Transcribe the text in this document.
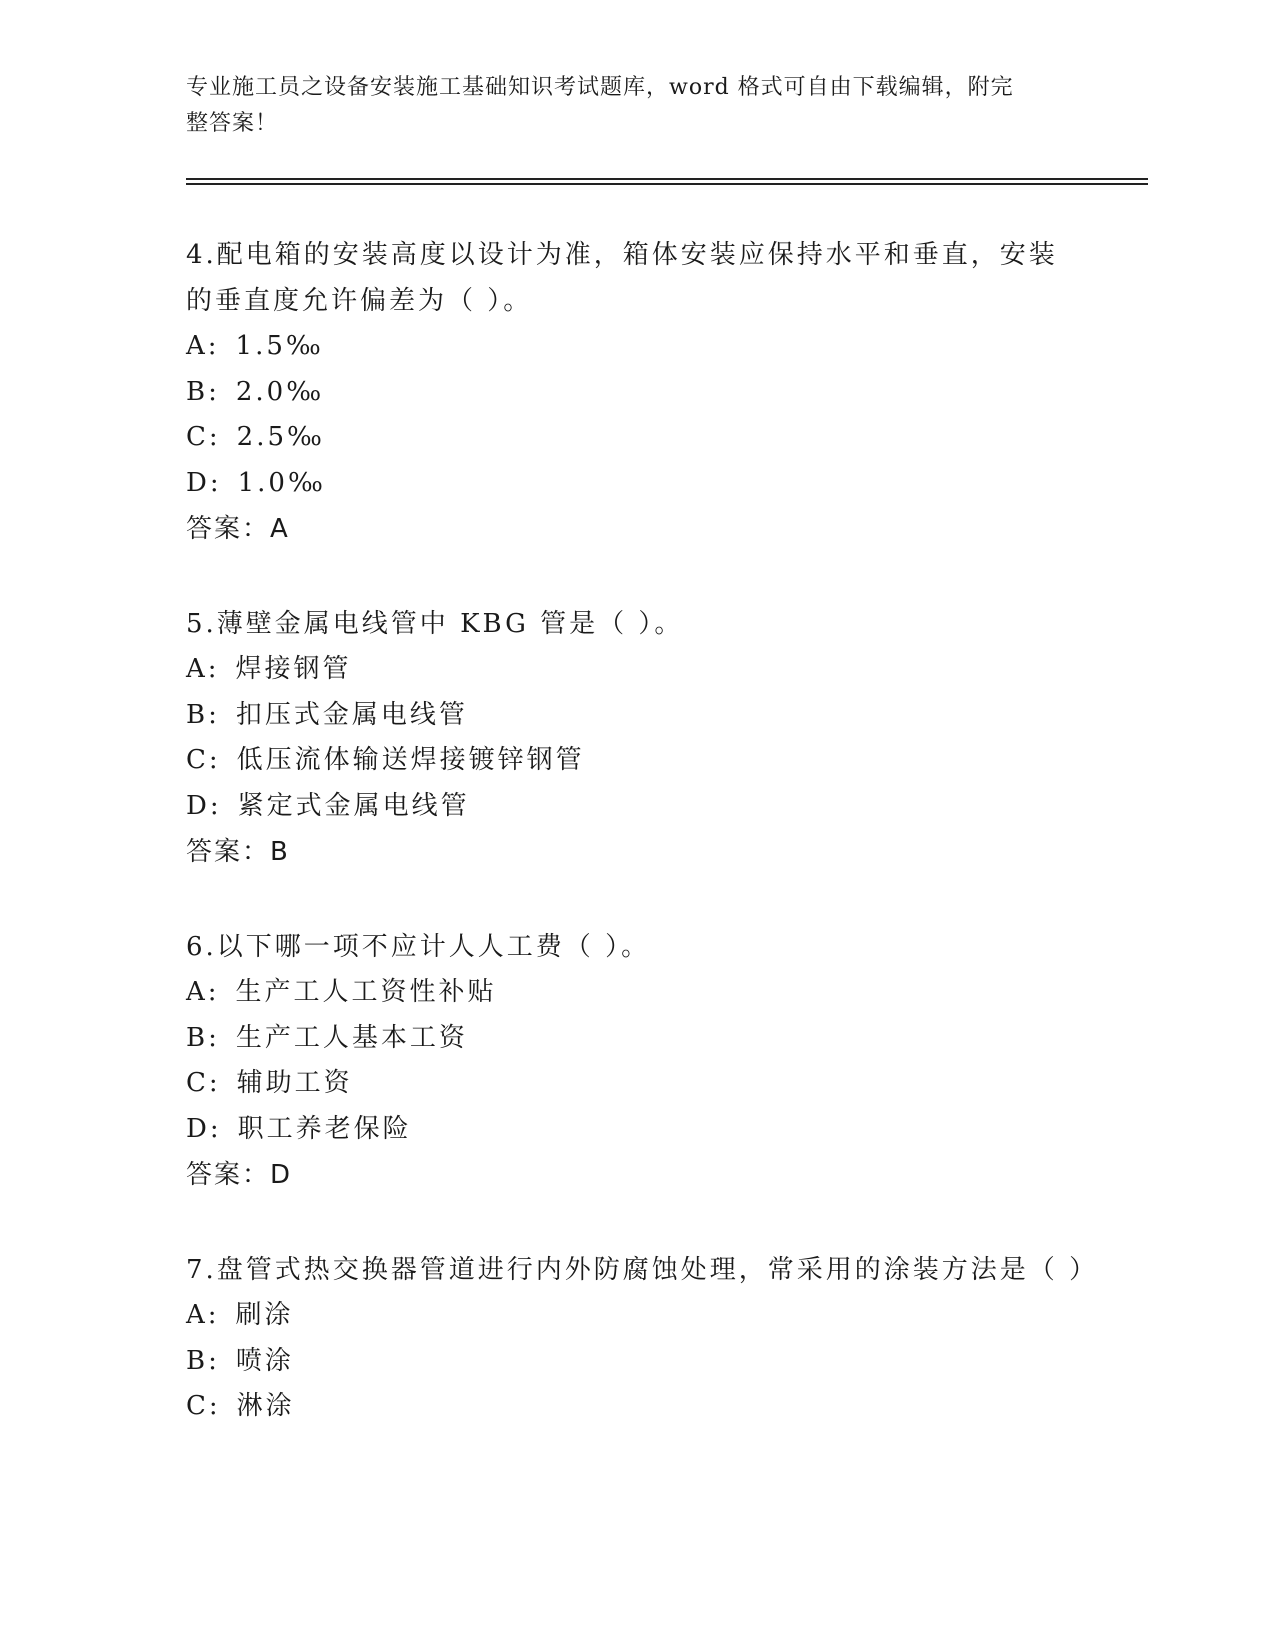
专业施工员之设备安装施工基础知识考试题库，word 格式可自由下载编辑，附完
整答案！
4.配电箱的安装高度以设计为准，箱体安装应保持水平和垂直，安装的垂直度允许偏差为（ ）。
A: 1.5‰
B: 2.0‰
C: 2.5‰
D: 1.0‰
答案：A
5.薄壁金属电线管中 KBG 管是（ ）。
A: 焊接钢管
B: 扣压式金属电线管
C: 低压流体输送焊接镀锌钢管
D: 紧定式金属电线管
答案：B
6.以下哪一项不应计人人工费（ ）。
A: 生产工人工资性补贴
B: 生产工人基本工资
C: 辅助工资
D: 职工养老保险
答案：D
7.盘管式热交换器管道进行内外防腐蚀处理，常采用的涂装方法是（ ）
A: 刷涂
B: 喷涂
C: 淋涂
